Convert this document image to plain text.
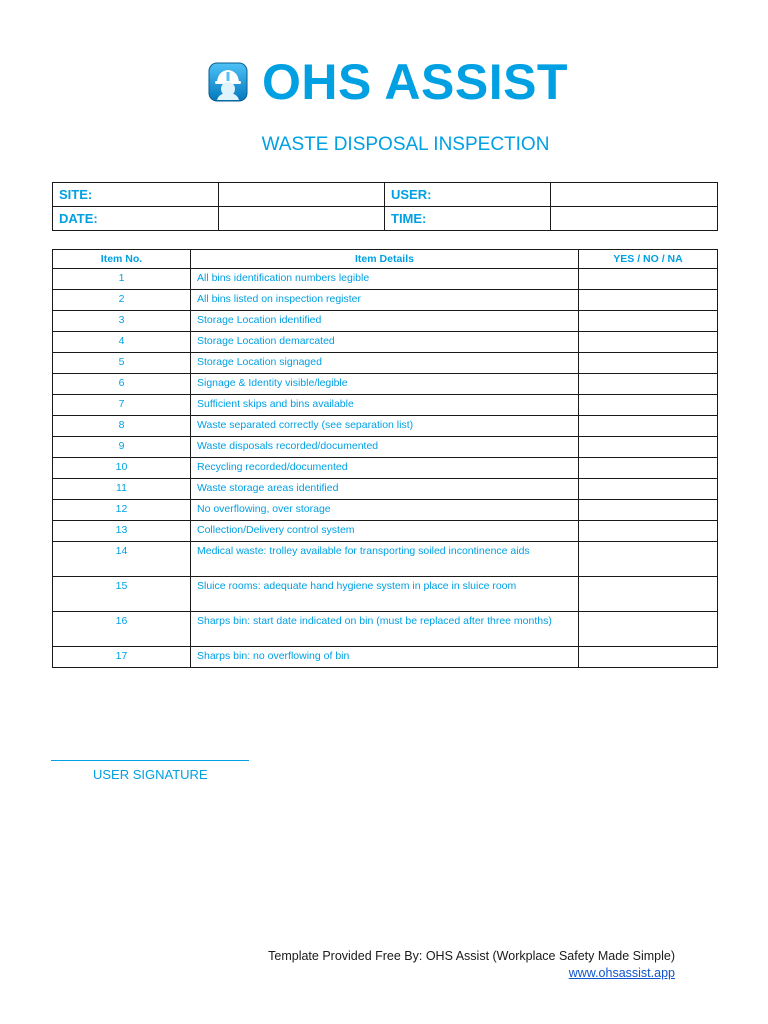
OHS ASSIST
WASTE DISPOSAL INSPECTION
SITE:		USER:	
DATE:		TIME:	
Item No.	Item Details	YES / NO / NA
1	All bins identification numbers legible	
2	All bins listed on inspection register	
3	Storage Location identified	
4	Storage Location demarcated	
5	Storage Location signaged	
6	Signage & Identity visible/legible	
7	Sufficient skips and bins available	
8	Waste separated correctly (see separation list)	
9	Waste disposals recorded/documented	
10	Recycling recorded/documented	
11	Waste storage areas identified	
12	No overflowing, over storage	
13	Collection/Delivery control system	
14	Medical waste: trolley available for transporting soiled incontinence aids	
15	Sluice rooms: adequate hand hygiene system in place in sluice room	
16	Sharps bin: start date indicated on bin (must be replaced after three months)	
17	Sharps bin: no overflowing of bin	
USER SIGNATURE
Template Provided Free By: OHS Assist (Workplace Safety Made Simple)
www.ohsassist.app
